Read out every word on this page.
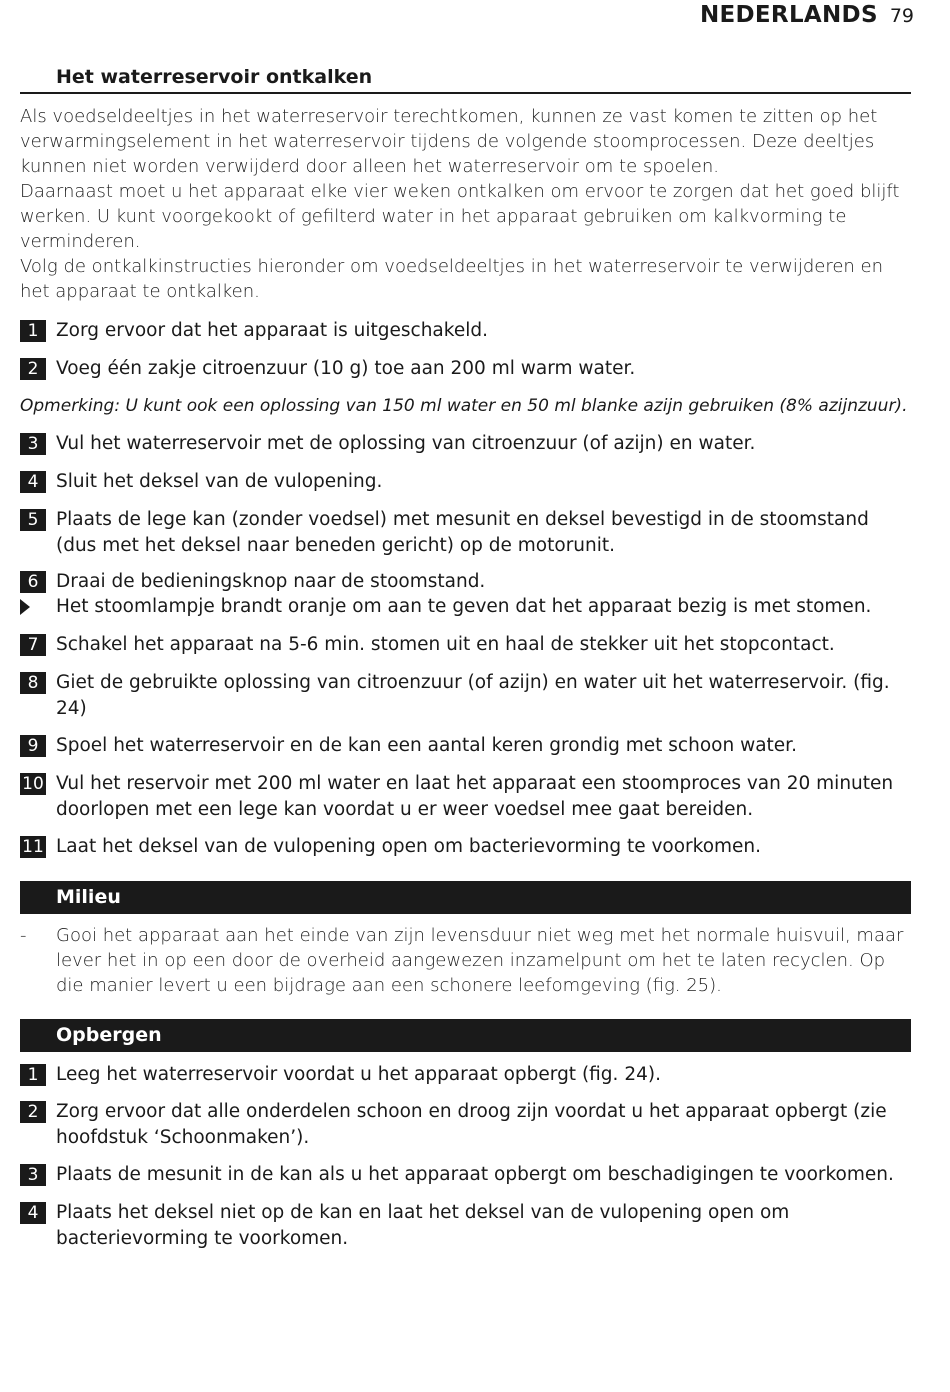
NEDERLANDS 79
Het waterreservoir ontkalken

Als voedseldeeltjes in het waterreservoir terechtkomen, kunnen ze vast komen te zitten op het verwarmingselement in het waterreservoir tijdens de volgende stoomprocessen. Deze deeltjes kunnen niet worden verwijderd door alleen het waterreservoir om te spoelen.

Daarnaast moet u het apparaat elke vier weken ontkalken om ervoor te zorgen dat het goed blijft werken. U kunt voorgekookt of gefilterd water in het apparaat gebruiken om kalkvorming te verminderen.

Volg de ontkalkinstructies hieronder om voedseldeeltjes in het waterreservoir te verwijderen en het apparaat te ontkalken.

1 Zorg ervoor dat het apparaat is uitgeschakeld.
2 Voeg één zakje citroenzuur (10 g) toe aan 200 ml warm water.
Opmerking: U kunt ook een oplossing van 150 ml water en 50 ml blanke azijn gebruiken (8% azijnzuur).
3 Vul het waterreservoir met de oplossing van citroenzuur (of azijn) en water.
4 Sluit het deksel van de vulopening.
5 Plaats de lege kan (zonder voedsel) met mesunit en deksel bevestigd in de stoomstand (dus met het deksel naar beneden gericht) op de motorunit.
6 Draai de bedieningsknop naar de stoomstand.
Het stoomlampje brandt oranje om aan te geven dat het apparaat bezig is met stomen.
7 Schakel het apparaat na 5-6 min. stomen uit en haal de stekker uit het stopcontact.
8 Giet de gebruikte oplossing van citroenzuur (of azijn) en water uit het waterreservoir. (fig. 24)
9 Spoel het waterreservoir en de kan een aantal keren grondig met schoon water.
10 Vul het reservoir met 200 ml water en laat het apparaat een stoomproces van 20 minuten doorlopen met een lege kan voordat u er weer voedsel mee gaat bereiden.
11 Laat het deksel van de vulopening open om bacterievorming te voorkomen.
Milieu
- Gooi het apparaat aan het einde van zijn levensduur niet weg met het normale huisvuil, maar lever het in op een door de overheid aangewezen inzamelpunt om het te laten recyclen. Op die manier levert u een bijdrage aan een schonere leefomgeving (fig. 25).
Opbergen
1 Leeg het waterreservoir voordat u het apparaat opbergt (fig. 24).
2 Zorg ervoor dat alle onderdelen schoon en droog zijn voordat u het apparaat opbergt (zie hoofdstuk ‘Schoonmaken’).
3 Plaats de mesunit in de kan als u het apparaat opbergt om beschadigingen te voorkomen.
4 Plaats het deksel niet op de kan en laat het deksel van de vulopening open om bacterievorming te voorkomen.
